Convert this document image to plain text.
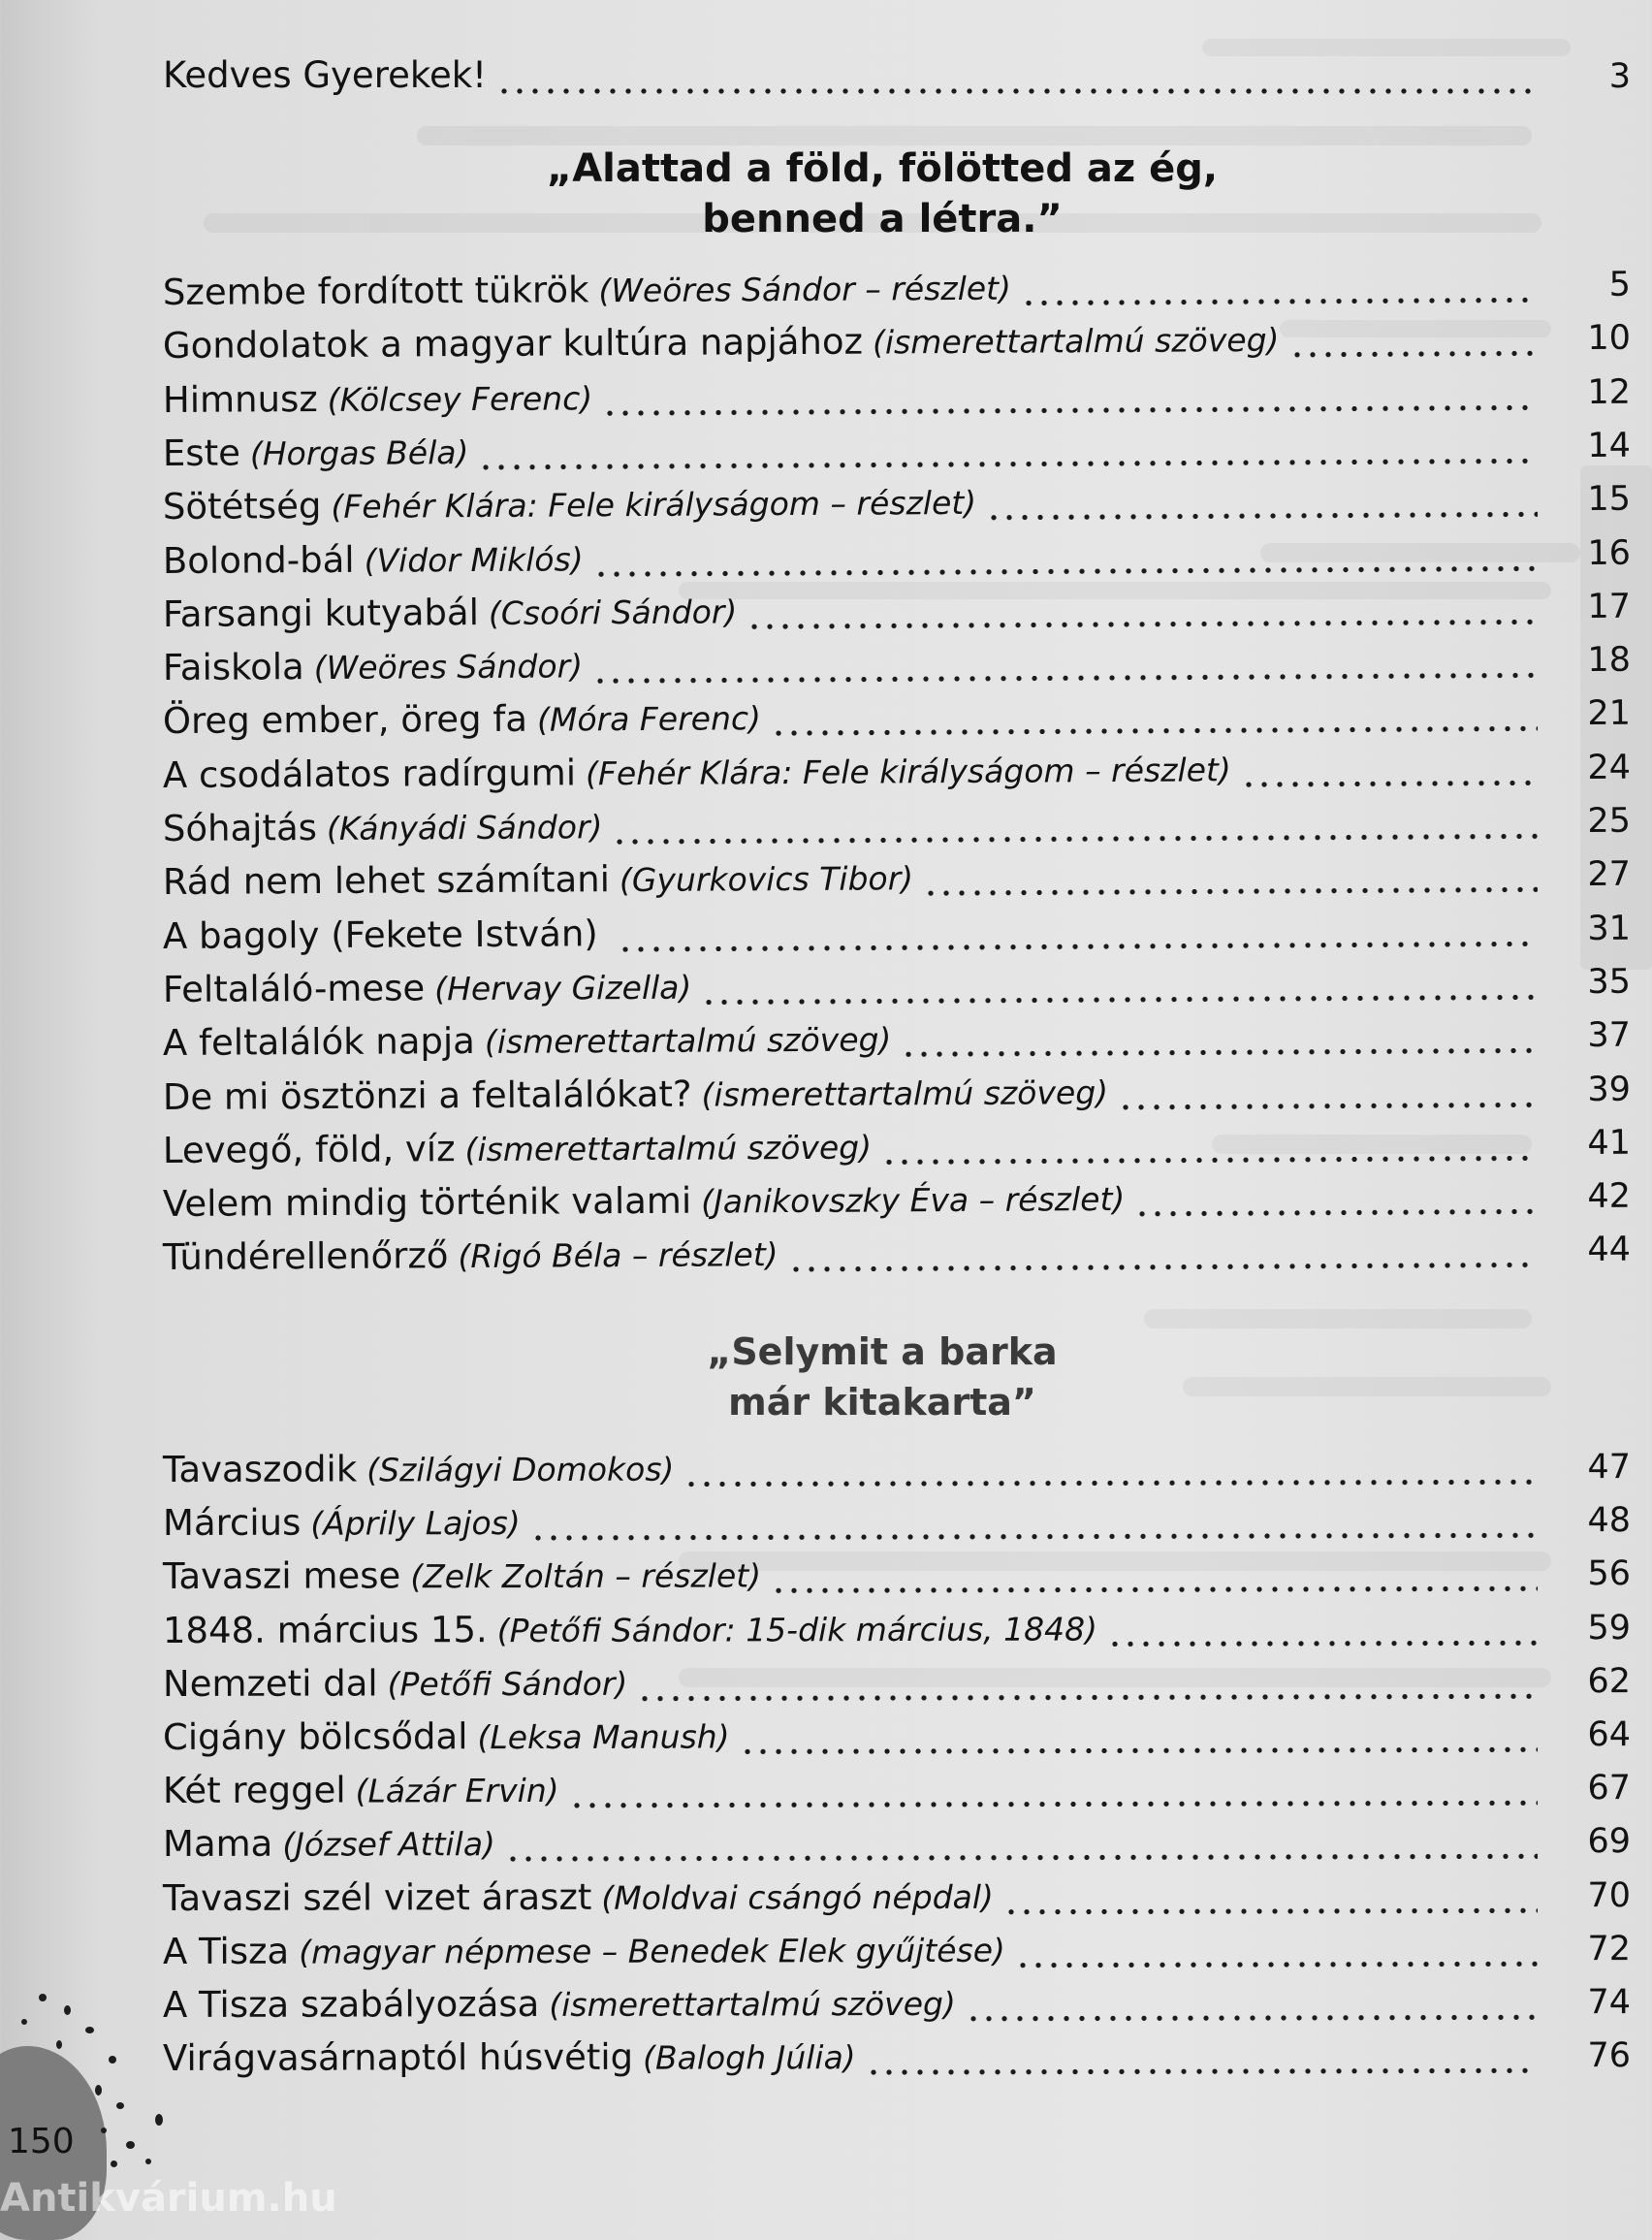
Kedves Gyerekek!	3
„Alattad a föld, fölötted az ég,
benned a létra.”
Szembe fordított tükrök (Weöres Sándor – részlet)	5
Gondolatok a magyar kultúra napjához (ismerettartalmú szöveg)	10
Himnusz (Kölcsey Ferenc)	12
Este (Horgas Béla)	14
Sötétség (Fehér Klára: Fele királyságom – részlet)	15
Bolond-bál (Vidor Miklós)	16
Farsangi kutyabál (Csoóri Sándor)	17
Faiskola (Weöres Sándor)	18
Öreg ember, öreg fa (Móra Ferenc)	21
A csodálatos radírgumi (Fehér Klára: Fele királyságom – részlet)	24
Sóhajtás (Kányádi Sándor)	25
Rád nem lehet számítani (Gyurkovics Tibor)	27
A bagoly (Fekete István)	31
Feltaláló-mese (Hervay Gizella)	35
A feltalálók napja (ismerettartalmú szöveg)	37
De mi ösztönzi a feltalálókat? (ismerettartalmú szöveg)	39
Levegő, föld, víz (ismerettartalmú szöveg)	41
Velem mindig történik valami (Janikovszky Éva – részlet)	42
Tündérellenőrző (Rigó Béla – részlet)	44
„Selymit a barka
már kitakarta”
Tavaszodik (Szilágyi Domokos)	47
Március (Áprily Lajos)	48
Tavaszi mese (Zelk Zoltán – részlet)	56
1848. március 15. (Petőfi Sándor: 15-dik március, 1848)	59
Nemzeti dal (Petőfi Sándor)	62
Cigány bölcsődal (Leksa Manush)	64
Két reggel (Lázár Ervin)	67
Mama (József Attila)	69
Tavaszi szél vizet áraszt (Moldvai csángó népdal)	70
A Tisza (magyar népmese – Benedek Elek gyűjtése)	72
A Tisza szabályozása (ismerettartalmú szöveg)	74
Virágvasárnaptól húsvétig (Balogh Júlia)	76
150
Antikvárium.hu
